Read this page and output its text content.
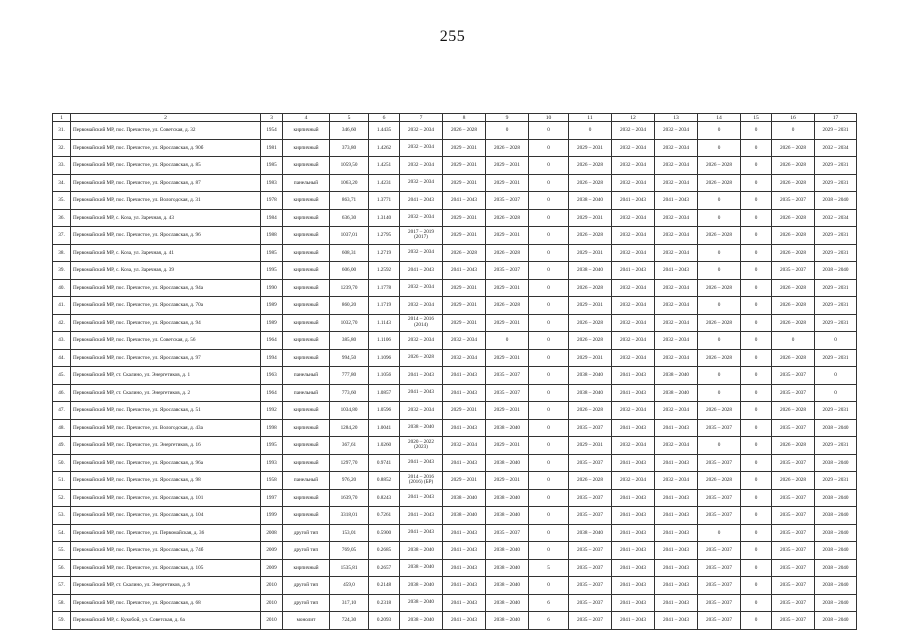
255
1	2	3	4	5	6	7	8	9	10	11	12	13	14	15	16	17
31.	Первомайский МР, пос. Пречистое, ул. Советская, д. 32	1954	кирпичный	346,60	1.4435	2032 – 2034	2026 – 2028	0	0	0	2032 – 2034	2032 – 2034	0	0	0	2029 – 2031
32.	Первомайский МР, пос. Пречистое, ул. Ярославская, д. 90б	1981	кирпичный	373,80	1.4262	2032 – 2034	2029 – 2031	2026 – 2028	0	2029 – 2031	2032 – 2034	2032 – 2034	0	0	2026 – 2028	2032 – 2034
33.	Первомайский МР, пос. Пречистое, ул. Ярославская, д. 85	1985	кирпичный	1059,50	1.4251	2032 – 2034	2029 – 2031	2029 – 2031	0	2026 – 2028	2032 – 2034	2032 – 2034	2026 – 2028	0	2026 – 2028	2029 – 2031
34.	Первомайский МР, пос. Пречистое, ул. Ярославская, д. 87	1983	панельный	1063,20	1.4231	2032 – 2034	2029 – 2031	2029 – 2031	0	2026 – 2028	2032 – 2034	2032 – 2034	2026 – 2028	0	2026 – 2028	2029 – 2031
35.	Первомайский МР, пос. Пречистое, ул. Вологодская, д. 31	1978	кирпичный	863,71	1.3771	2041 – 2043	2041 – 2043	2035 – 2037	0	2038 – 2040	2041 – 2043	2041 – 2043	0	0	2035 – 2037	2038 – 2040
36.	Первомайский МР, с. Коза, ул. Заречная, д. 43	1984	кирпичный	636,30	1.3140	2032 – 2034	2029 – 2031	2026 – 2028	0	2029 – 2031	2032 – 2034	2032 – 2034	0	0	2026 – 2028	2032 – 2034
37.	Первомайский МР, пос. Пречистое, ул. Ярославская, д. 96	1988	кирпичный	1037,01	1.2795	2017 – 2019 (2017)	2029 – 2031	2029 – 2031	0	2026 – 2028	2032 – 2034	2032 – 2034	2026 – 2028	0	2026 – 2028	2029 – 2031
38.	Первомайский МР, с. Коза, ул. Заречная, д. 41	1985	кирпичный	608,31	1.2719	2032 – 2034	2026 – 2028	2026 – 2028	0	2029 – 2031	2032 – 2034	2032 – 2034	0	0	2026 – 2028	2029 – 2031
39.	Первомайский МР, с. Коза, ул. Заречная, д. 39	1995	кирпичный	606,00	1.2592	2041 – 2043	2041 – 2043	2035 – 2037	0	2038 – 2040	2041 – 2043	2041 – 2043	0	0	2035 – 2037	2038 – 2040
40.	Первомайский МР, пос. Пречистое, ул. Ярославская, д. 94а	1990	кирпичный	1239,70	1.1778	2032 – 2034	2029 – 2031	2029 – 2031	0	2026 – 2028	2032 – 2034	2032 – 2034	2026 – 2028	0	2026 – 2028	2029 – 2031
41.	Первомайский МР, пос. Пречистое, ул. Ярославская, д. 70а	1989	кирпичный	860,20	1.1719	2032 – 2034	2029 – 2031	2026 – 2028	0	2029 – 2031	2032 – 2034	2032 – 2034	0	0	2026 – 2028	2029 – 2031
42.	Первомайский МР, пос. Пречистое, ул. Ярославская, д. 94	1989	кирпичный	1032,70	1.1143	2014 – 2016 (2014)	2029 – 2031	2029 – 2031	0	2026 – 2028	2032 – 2034	2032 – 2034	2026 – 2028	0	2026 – 2028	2029 – 2031
43.	Первомайский МР, пос. Пречистое, ул. Советская, д. 56	1964	кирпичный	385,80	1.1106	2032 – 2034	2032 – 2034	0	0	2026 – 2028	2032 – 2034	2032 – 2034	0	0	0	0
44.	Первомайский МР, пос. Пречистое, ул. Ярославская, д. 97	1994	кирпичный	994,50	1.1096	2026 – 2028	2032 – 2034	2029 – 2031	0	2029 – 2031	2032 – 2034	2032 – 2034	2026 – 2028	0	2026 – 2028	2029 – 2031
45.	Первомайский МР, ст. Скалино, ул. Энергетиков, д. 1	1963	панельный	777,80	1.1056	2041 – 2043	2041 – 2043	2035 – 2037	0	2038 – 2040	2041 – 2043	2038 – 2040	0	0	2035 – 2037	0
46.	Первомайский МР, ст. Скалино, ул. Энергетиков, д. 2	1964	панельный	773,60	1.0857	2041 – 2043	2041 – 2043	2035 – 2037	0	2038 – 2040	2041 – 2043	2038 – 2040	0	0	2035 – 2037	0
47.	Первомайский МР, пос. Пречистое, ул. Ярославская, д. 51	1992	кирпичный	1034,80	1.0596	2032 – 2034	2029 – 2031	2029 – 2031	0	2026 – 2028	2032 – 2034	2032 – 2034	2026 – 2028	0	2026 – 2028	2029 – 2031
48.	Первомайский МР, пос. Пречистое, ул. Вологодская, д. 43а	1998	кирпичный	1284,20	1.0041	2038 – 2040	2041 – 2043	2038 – 2040	0	2035 – 2037	2041 – 2043	2041 – 2043	2035 – 2037	0	2035 – 2037	2038 – 2040
49.	Первомайский МР, пос. Пречистое, ул. Энергетиков, д. 16	1995	кирпичный	367,61	1.0260	2020 – 2022 (2023)	2032 – 2034	2029 – 2031	0	2029 – 2031	2032 – 2034	2032 – 2034	0	0	2026 – 2028	2029 – 2031
50.	Первомайский МР, пос. Пречистое, ул. Ярославская, д. 96а	1993	кирпичный	1297,70	0.9741	2041 – 2043	2041 – 2043	2038 – 2040	0	2035 – 2037	2041 – 2043	2041 – 2043	2035 – 2037	0	2035 – 2037	2038 – 2040
51.	Первомайский МР, пос. Пречистое, ул. Ярославская, д. 98	1958	панельный	976,20	0.8852	2014 – 2016 (2016) (БР)	2029 – 2031	2029 – 2031	0	2026 – 2028	2032 – 2034	2032 – 2034	2026 – 2028	0	2026 – 2028	2029 – 2031
52.	Первомайский МР, пос. Пречистое, ул. Ярославская, д. 101	1997	кирпичный	1639,70	0.8243	2041 – 2043	2038 – 2040	2038 – 2040	0	2035 – 2037	2041 – 2043	2041 – 2043	2035 – 2037	0	2035 – 2037	2038 – 2040
53.	Первомайский МР, пос. Пречистое, ул. Ярославская, д. 104	1999	кирпичный	3318,01	0.7261	2041 – 2043	2038 – 2040	2038 – 2040	0	2035 – 2037	2041 – 2043	2041 – 2043	2035 – 2037	0	2035 – 2037	2038 – 2040
54.	Первомайский МР, пос. Пречистое, ул. Первомайская, д. 36	2008	другой тип	153,01	0.5900	2041 – 2043	2041 – 2043	2035 – 2037	0	2038 – 2040	2041 – 2043	2041 – 2043	0	0	2035 – 2037	2038 – 2040
55.	Первомайский МР, пос. Пречистое, ул. Ярославская, д. 74б	2009	другой тип	769,05	0.2685	2038 – 2040	2041 – 2043	2038 – 2040	0	2035 – 2037	2041 – 2043	2041 – 2043	2035 – 2037	0	2035 – 2037	2038 – 2040
56.	Первомайский МР, пос. Пречистое, ул. Ярославская, д. 105	2009	кирпичный	1535,81	0.2657	2038 – 2040	2041 – 2043	2038 – 2040	5	2035 – 2037	2041 – 2043	2041 – 2043	2035 – 2037	0	2035 – 2037	2038 – 2040
57.	Первомайский МР, ст. Скалино, ул. Энергетиков, д. 9	2010	другой тип	459,0	0.2148	2038 – 2040	2041 – 2043	2038 – 2040	0	2035 – 2037	2041 – 2043	2041 – 2043	2035 – 2037	0	2035 – 2037	2038 – 2040
58.	Первомайский МР, пос. Пречистое, ул. Ярославская, д. 68	2010	другой тип	317,10	0.2318	2038 – 2040	2041 – 2043	2038 – 2040	6	2035 – 2037	2041 – 2043	2041 – 2043	2035 – 2037	0	2035 – 2037	2038 – 2040
59.	Первомайский МР, с. Кукобой, ул. Советская, д. 6а	2010	монолит	724,30	0.2093	2038 – 2040	2041 – 2043	2038 – 2040	6	2035 – 2037	2041 – 2043	2041 – 2043	2035 – 2037	0	2035 – 2037	2038 – 2040
